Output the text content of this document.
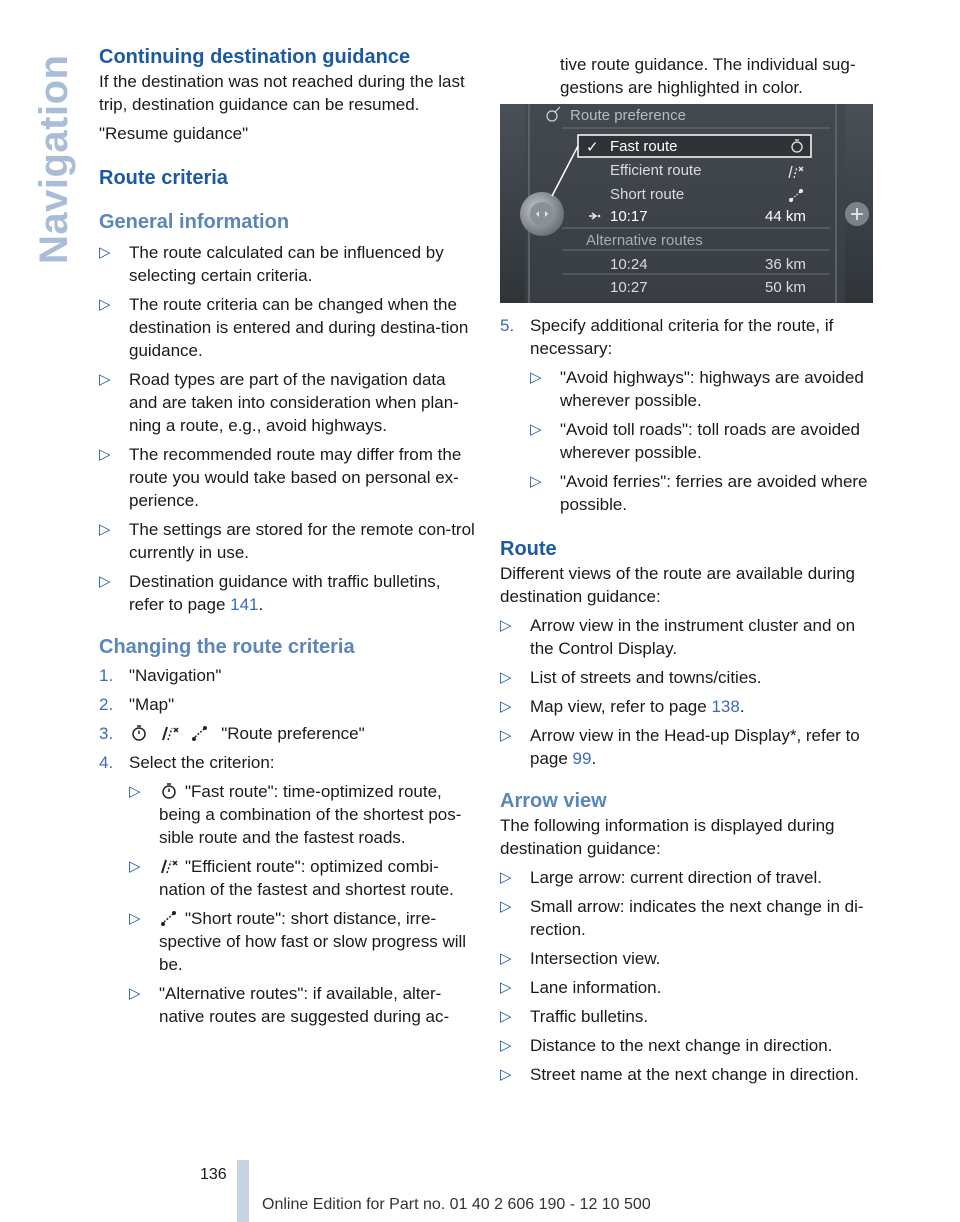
Navigation Continuing destination guidance

If the destination was not reached during the last trip, destination guidance can be resumed.

"Resume guidance"

Route criteria
General information
▷ The route calculated can be influenced by selecting certain criteria.
▷ The route criteria can be changed when the destination is entered and during destina-tion guidance.
▷ Road types are part of the navigation data and are taken into consideration when plan-ning a route, e.g., avoid highways.
▷ The recommended route may differ from the route you would take based on personal ex-perience.
▷ The settings are stored for the remote con-trol currently in use.
▷ Destination guidance with traffic bulletins, refer to page 141.
Changing the route criteria
1. "Navigation"
2. "Map"
3.	"Route preference"
4. Select the criterion:
▷	"Fast route": time-optimized route, being a combination of the shortest pos-sible route and the fastest roads.
▷	"Efficient route": optimized combi-nation of the fastest and shortest route.
▷	"Short route": short distance, irre-spective of how fast or slow progress will be.
▷ "Alternative routes": if available, alter-native routes are suggested during ac-
tive route guidance. The individual sug-gestions are highlighted in color.
Route preference
✓ Fast route
Efficient route
Short route
10:17	44 km
Alternative routes
10:24	36 km
10:27	50 km
5. Specify additional criteria for the route, if necessary:
▷ "Avoid highways": highways are avoided wherever possible.
▷ "Avoid toll roads": toll roads are avoided wherever possible.
▷ "Avoid ferries": ferries are avoided where possible.
Route

Different views of the route are available during destination guidance:

▷ Arrow view in the instrument cluster and on the Control Display.
▷ List of streets and towns/cities.
▷ Map view, refer to page 138.
▷ Arrow view in the Head-up Display*, refer to page 99.
Arrow view

The following information is displayed during destination guidance:

▷ Large arrow: current direction of travel.
▷ Small arrow: indicates the next change in di-rection.
▷ Intersection view.
▷ Lane information.
▷ Traffic bulletins.
▷ Distance to the next change in direction.
▷ Street name at the next change in direction.
136
Online Edition for Part no. 01 40 2 606 190 - 12 10 500
